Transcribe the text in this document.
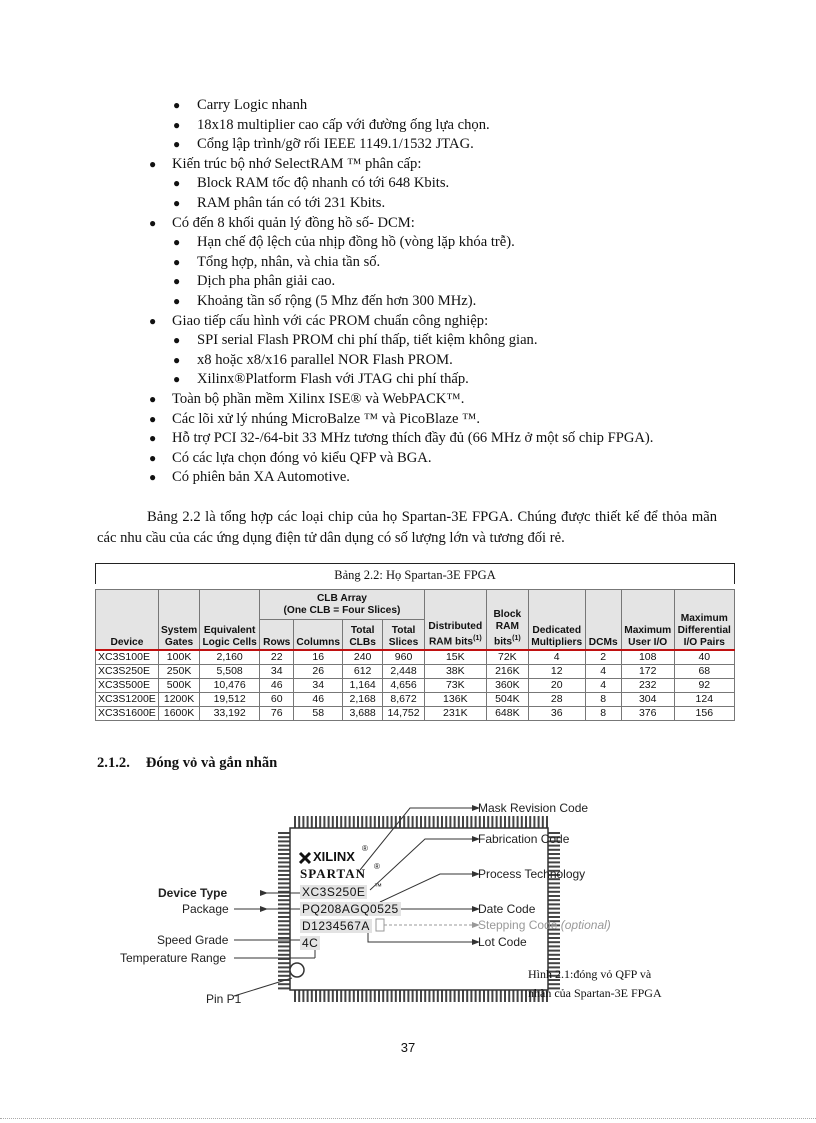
● Carry Logic nhanh
● 18x18 multiplier cao cấp với đường ống lựa chọn.
● Cổng lập trình/gỡ rối IEEE 1149.1/1532 JTAG.
● Kiến trúc bộ nhớ SelectRAM ™ phân cấp:
● Block RAM tốc độ nhanh có tới 648 Kbits.
● RAM phân tán có tới 231 Kbits.
● Có đến 8 khối quản lý đồng hồ số- DCM:
● Hạn chế độ lệch của nhịp đồng hồ (vòng lặp khóa trễ).
● Tổng hợp, nhân, và chia tần số.
● Dịch pha phân giải cao.
● Khoảng tần số rộng (5 Mhz đến hơn 300 MHz).
● Giao tiếp cấu hình với các PROM chuẩn công nghiệp:
● SPI serial Flash PROM chi phí thấp, tiết kiệm không gian.
● x8 hoặc x8/x16 parallel NOR Flash PROM.
● Xilinx®Platform Flash với JTAG chi phí thấp.
● Toàn bộ phần mềm Xilinx ISE® và WebPACK™.
● Các lõi xử lý nhúng MicroBalze ™ và PicoBlaze ™.
● Hỗ trợ PCI 32-/64-bit 33 MHz tương thích đầy đủ (66 MHz ở một số chip FPGA).
● Có các lựa chọn đóng vỏ kiểu QFP và BGA.
● Có phiên bản XA Automotive.
Bảng 2.2 là tổng hợp các loại chip của họ Spartan-3E FPGA. Chúng được thiết kế để thỏa mãn các nhu cầu của các ứng dụng điện tử dân dụng có số lượng lớn và tương đối rẻ.
Bảng 2.2: Họ Spartan-3E FPGA
Device	System Gates	Equivalent Logic Cells	CLB Array
(One CLB = Four Slices)				Distributed RAM bits$^{(1)}$	Block RAM bits$^{(1)}$	Dedicated Multipliers	DCMs	Maximum User I/O	Maximum Differential I/O Pairs
			Rows	Columns	Total CLBs	Total Slices						
XC3S100E	100K	2,160	22	16	240	960	15K	72K	4	2	108	40
XC3S250E	250K	5,508	34	26	612	2,448	38K	216K	12	4	172	68
XC3S500E	500K	10,476	46	34	1,164	4,656	73K	360K	20	4	232	92
XC3S1200E	1200K	19,512	60	46	2,168	8,672	136K	504K	28	8	304	124
XC3S1600E	1600K	33,192	76	58	3,688	14,752	231K	648K	36	8	376	156
2.1.2. Đóng vỏ và gắn nhãn
XILINX
®
SPARTAN ®
XC3S250E ™
PQ208AGQ0525
D1234567A
4C
Device Type
Package
Speed Grade
Temperature Range
Pin P1
Mask Revision Code
Fabrication Code
Process Technology
Date Code
Stepping Code (optional)
Lot Code
Hình 2.1:đóng vỏ QFP và
nhãn của Spartan-3E FPGA
37
